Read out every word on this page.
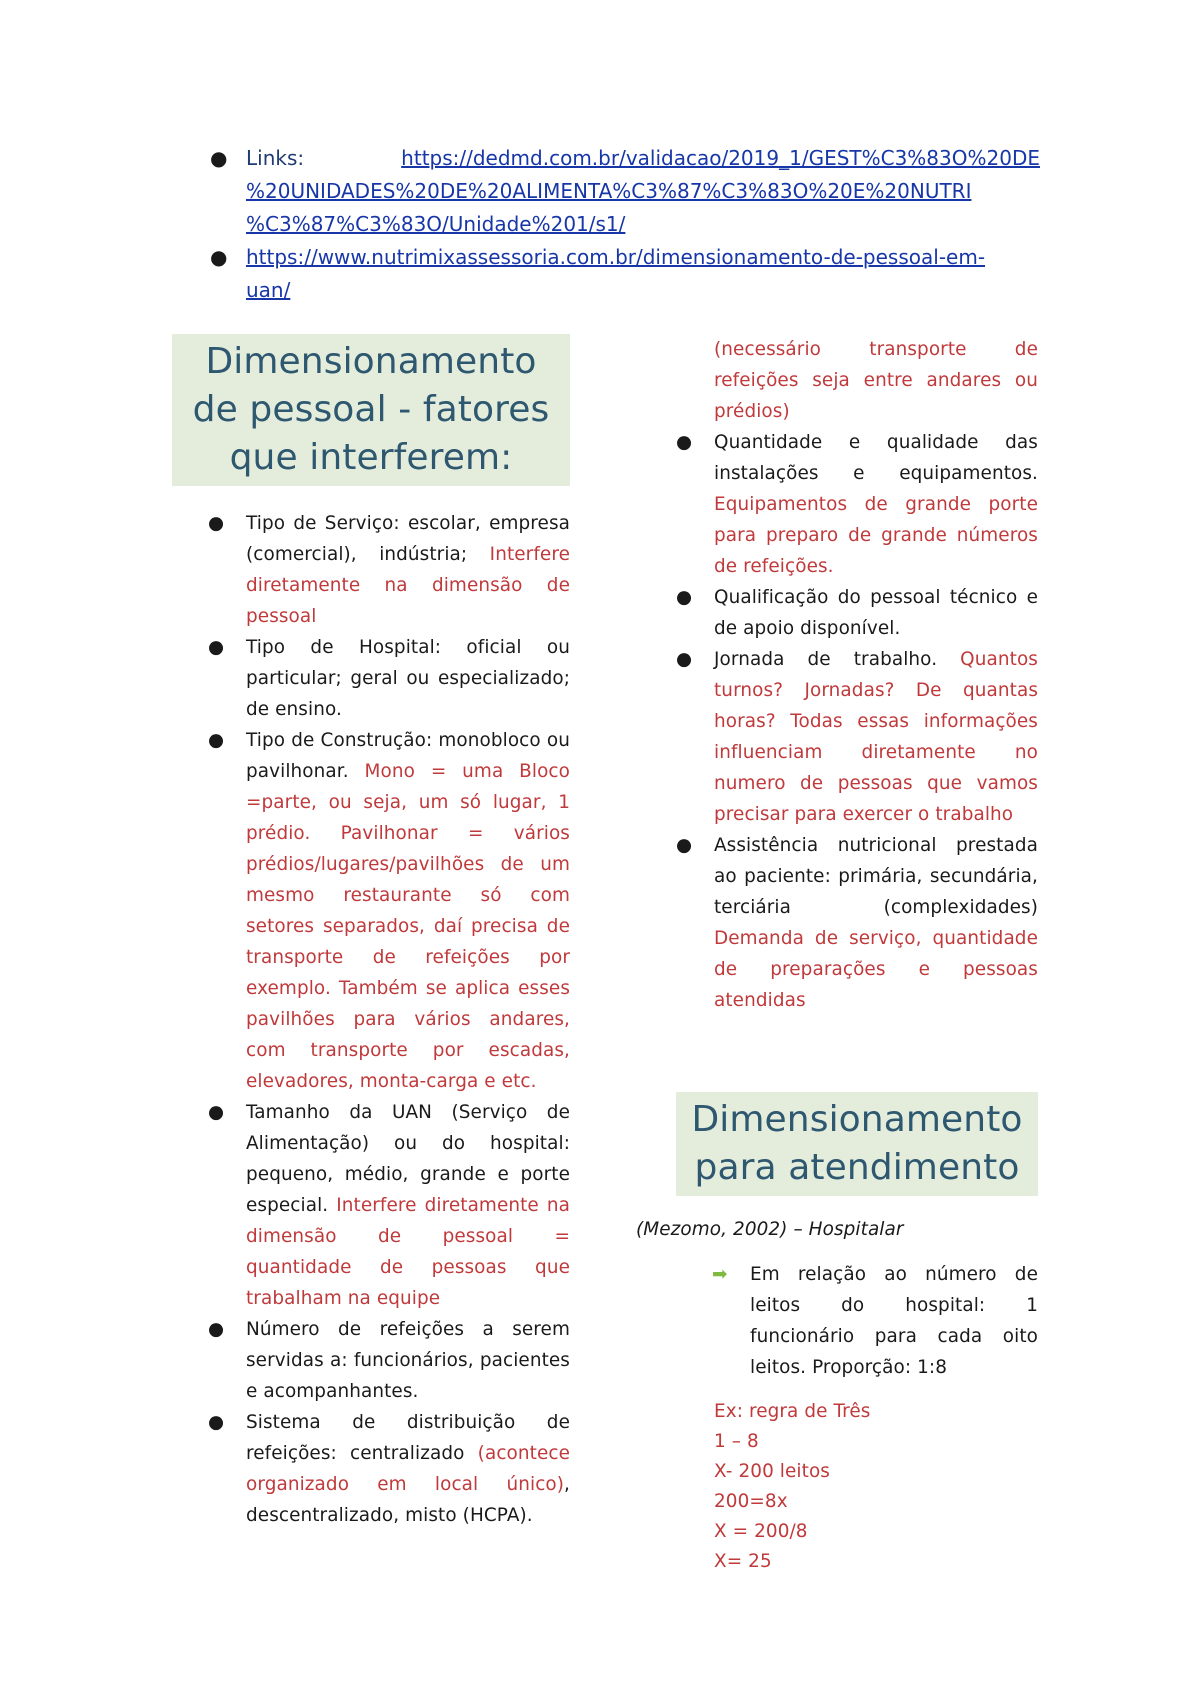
● Links:	https://dedmd.com.br/validacao/2019_1/GEST%C3%83O%20DE
%20UNIDADES%20DE%20ALIMENTA%C3%87%C3%83O%20E%20NUTRI
%C3%87%C3%83O/Unidade%201/s1/
● https://www.nutrimixassessoria.com.br/dimensionamento-de-pessoal-em-
uan/
Dimensionamento de pessoal - fatores que interferem:
● Tipo de Serviço: escolar, empresa (comercial), indústria; Interfere diretamente na dimensão de pessoal
● Tipo de Hospital: oficial ou particular; geral ou especializado; de ensino.
● Tipo de Construção: monobloco ou pavilhonar. Mono = uma Bloco =parte, ou seja, um só lugar, 1 prédio. Pavilhonar = vários prédios/lugares/pavilhões de um mesmo restaurante só com setores separados, daí precisa de transporte de refeições por exemplo. Também se aplica esses pavilhões para vários andares, com transporte por escadas, elevadores, monta-carga e etc.
● Tamanho da UAN (Serviço de Alimentação) ou do hospital: pequeno, médio, grande e porte especial. Interfere diretamente na dimensão de pessoal = quantidade de pessoas que trabalham na equipe
● Número de refeições a serem servidas a: funcionários, pacientes e acompanhantes.
● Sistema de distribuição de refeições: centralizado (acontece organizado em local único), descentralizado, misto (HCPA).
(necessário transporte de refeições seja entre andares ou prédios)
● Quantidade e qualidade das instalações e equipamentos. Equipamentos de grande porte para preparo de grande números de refeições.
● Qualificação do pessoal técnico e de apoio disponível.
● Jornada de trabalho. Quantos turnos? Jornadas? De quantas horas? Todas essas informações influenciam diretamente no numero de pessoas que vamos precisar para exercer o trabalho
● Assistência nutricional prestada ao paciente: primária, secundária, terciária (complexidades) Demanda de serviço, quantidade de preparações e pessoas atendidas
Dimensionamento para atendimento
(Mezomo, 2002) – Hospitalar
➡ Em relação ao número de leitos do hospital: 1 funcionário para cada oito leitos. Proporção: 1:8
Ex: regra de Três
1 – 8
X- 200 leitos
200=8x
X = 200/8
X= 25
